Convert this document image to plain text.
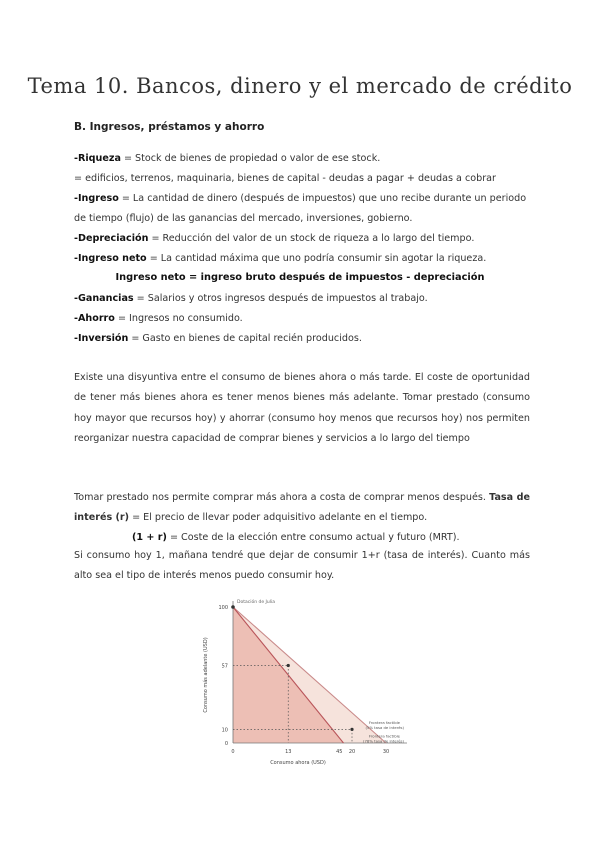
Tema 10. Bancos, dinero y el mercado de crédito
B. Ingresos, préstamos y ahorro
-Riqueza = Stock de bienes de propiedad o valor de ese stock.
= edificios, terrenos, maquinaria, bienes de capital - deudas a pagar + deudas a cobrar
-Ingreso = La cantidad de dinero (después de impuestos) que uno recibe durante un periodo
de tiempo (flujo) de las ganancias del mercado, inversiones, gobierno.
-Depreciación = Reducción del valor de un stock de riqueza a lo largo del tiempo.
-Ingreso neto = La cantidad máxima que uno podría consumir sin agotar la riqueza.
Ingreso neto = ingreso bruto después de impuestos - depreciación
-Ganancias = Salarios y otros ingresos después de impuestos al trabajo.
-Ahorro = Ingresos no consumido.
-Inversión = Gasto en bienes de capital recién producidos.
Existe una disyuntiva entre el consumo de bienes ahora o más tarde. El coste de oportunidad de tener más bienes ahora es tener menos bienes más adelante. Tomar prestado (consumo hoy mayor que recursos hoy) y ahorrar (consumo hoy menos que recursos hoy) nos permiten reorganizar nuestra capacidad de comprar bienes y servicios a lo largo del tiempo
Tomar prestado nos permite comprar más ahora a costa de comprar menos después. Tasa de interés (r) = El precio de llevar poder adquisitivo adelante en el tiempo.
(1 + r) = Coste de la elección entre consumo actual y futuro (MRT).
Si consumo hoy 1, mañana tendré que dejar de consumir 1+r (tasa de interés). Cuanto más alto sea el tipo de interés menos puedo consumir hoy.
0	13	45 20	30
0
10
57
100
Dotación de Julia
Consumo ahora (USD)
Consumo más adelante (USD)
Frontera factible
(5% tasa de interés)
Frontera factible
(78% tasa de interés)
